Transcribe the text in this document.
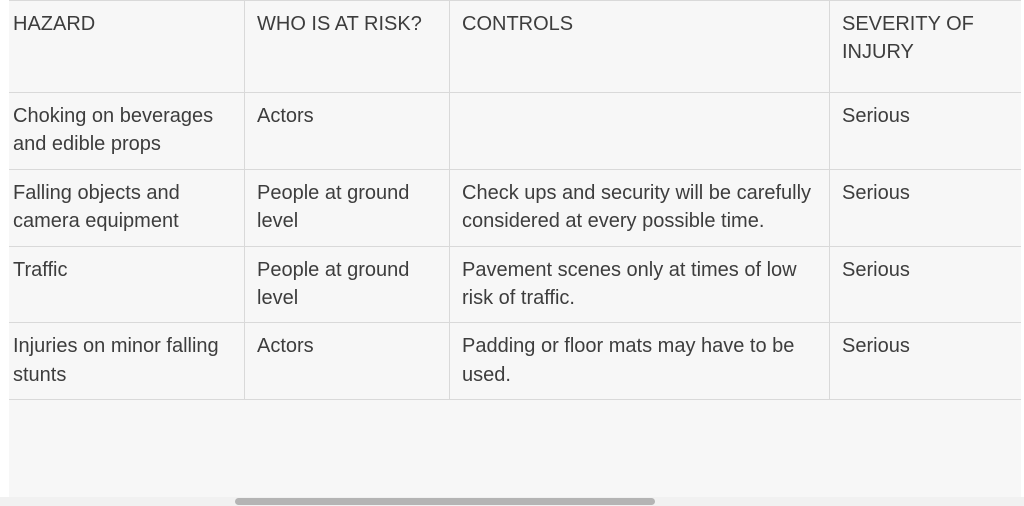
HAZARD	WHO IS AT RISK?	CONTROLS	SEVERITY OF INJURY
Choking on beverages and edible props	Actors		Serious
Falling objects and camera equipment	People at ground level	Check ups and security will be carefully considered at every possible time.	Serious
Traffic	People at ground level	Pavement scenes only at times of low risk of traffic.	Serious
Injuries on minor falling stunts	Actors	Padding or floor mats may have to be used.	Serious
